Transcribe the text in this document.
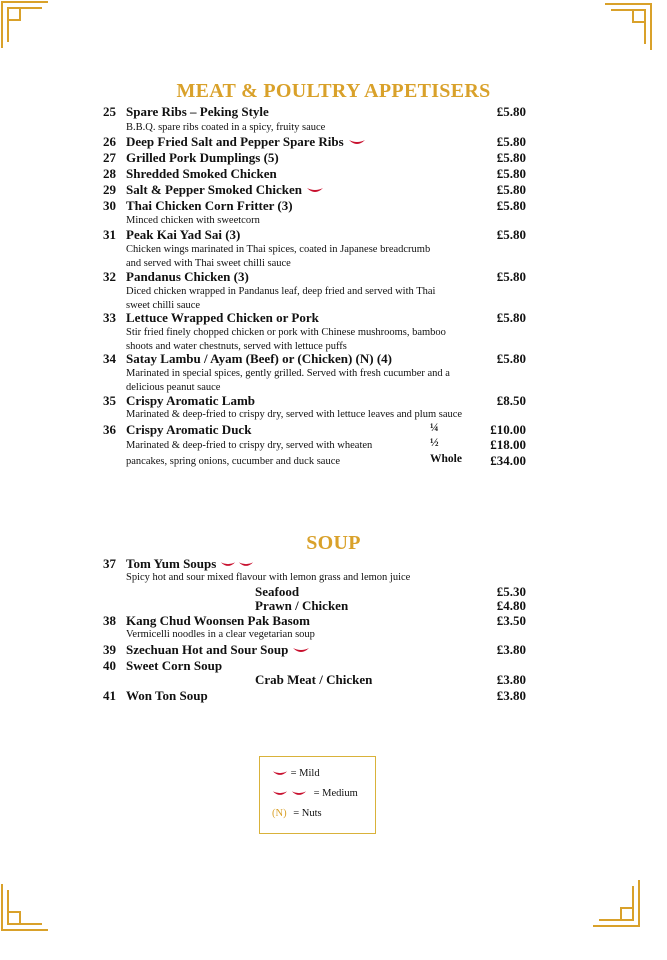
MEAT & POULTRY APPETISERS
25 Spare Ribs – Peking Style	£5.80
B.B.Q. spare ribs coated in a spicy, fruity sauce
26 Deep Fried Salt and Pepper Spare Ribs	£5.80
27 Grilled Pork Dumplings (5)	£5.80
28 Shredded Smoked Chicken	£5.80
29 Salt & Pepper Smoked Chicken	£5.80
30 Thai Chicken Corn Fritter (3)	£5.80
Minced chicken with sweetcorn
31 Peak Kai Yad Sai (3)	£5.80
Chicken wings marinated in Thai spices, coated in Japanese breadcrumb
and served with Thai sweet chilli sauce
32 Pandanus Chicken (3)	£5.80
Diced chicken wrapped in Pandanus leaf, deep fried and served with Thai
sweet chilli sauce
33 Lettuce Wrapped Chicken or Pork	£5.80
Stir fried finely chopped chicken or pork with Chinese mushrooms, bamboo
shoots and water chestnuts, served with lettuce puffs
34 Satay Lambu / Ayam (Beef) or (Chicken) (N) (4)	£5.80
Marinated in special spices, gently grilled. Served with fresh cucumber and a
delicious peanut sauce
35 Crispy Aromatic Lamb	£8.50
Marinated & deep-fried to crispy dry, served with lettuce leaves and plum sauce
36 Crispy Aromatic Duck	¼	£10.00
½	£18.00
Whole £34.00
Marinated & deep-fried to crispy dry, served with wheaten
pancakes, spring onions, cucumber and duck sauce
SOUP
37 Tom Yum Soups
Spicy hot and sour mixed flavour with lemon grass and lemon juice
Seafood	£5.30
Prawn / Chicken	£4.80
38 Kang Chud Woonsen Pak Basom	£3.50
Vermicelli noodles in a clear vegetarian soup
39 Szechuan Hot and Sour Soup	£3.80
40 Sweet Corn Soup
Crab Meat / Chicken	£3.80
41 Won Ton Soup	£3.80
= Mild
= Medium
(N) = Nuts
